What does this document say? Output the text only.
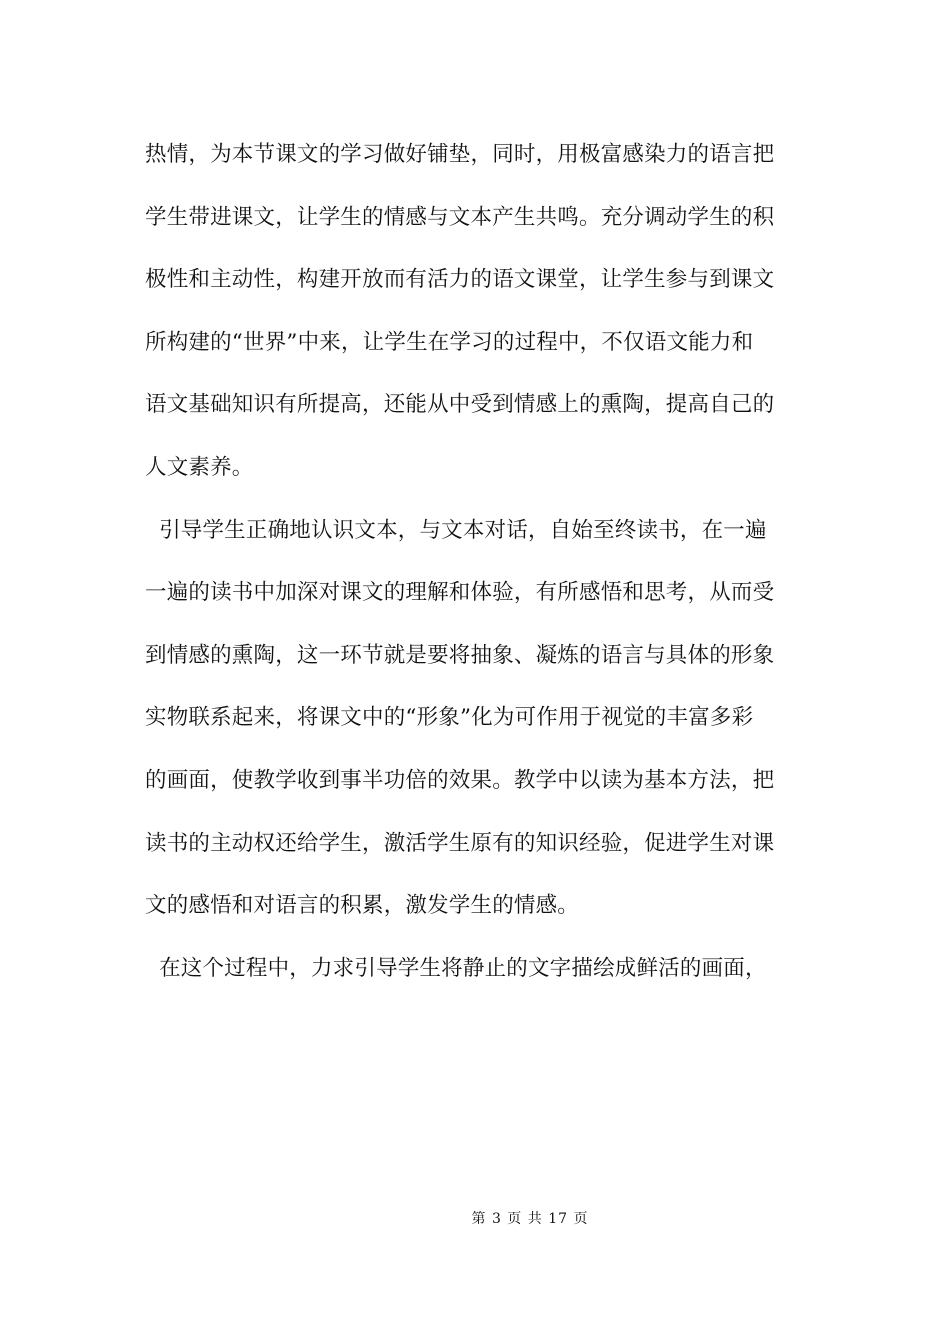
热情，为本节课文的学习做好铺垫，同时，用极富感染力的语言把
学生带进课文，让学生的情感与文本产生共鸣。充分调动学生的积
极性和主动性，构建开放而有活力的语文课堂，让学生参与到课文
所构建的“世界”中来，让学生在学习的过程中，不仅语文能力和
语文基础知识有所提高，还能从中受到情感上的熏陶，提高自己的
人文素养。
引导学生正确地认识文本，与文本对话，自始至终读书，在一遍
一遍的读书中加深对课文的理解和体验，有所感悟和思考，从而受
到情感的熏陶，这一环节就是要将抽象、凝炼的语言与具体的形象
实物联系起来，将课文中的“形象”化为可作用于视觉的丰富多彩
的画面，使教学收到事半功倍的效果。教学中以读为基本方法，把
读书的主动权还给学生，激活学生原有的知识经验，促进学生对课
文的感悟和对语言的积累，激发学生的情感。
在这个过程中，力求引导学生将静止的文字描绘成鲜活的画面，
第 3 页 共 17 页
